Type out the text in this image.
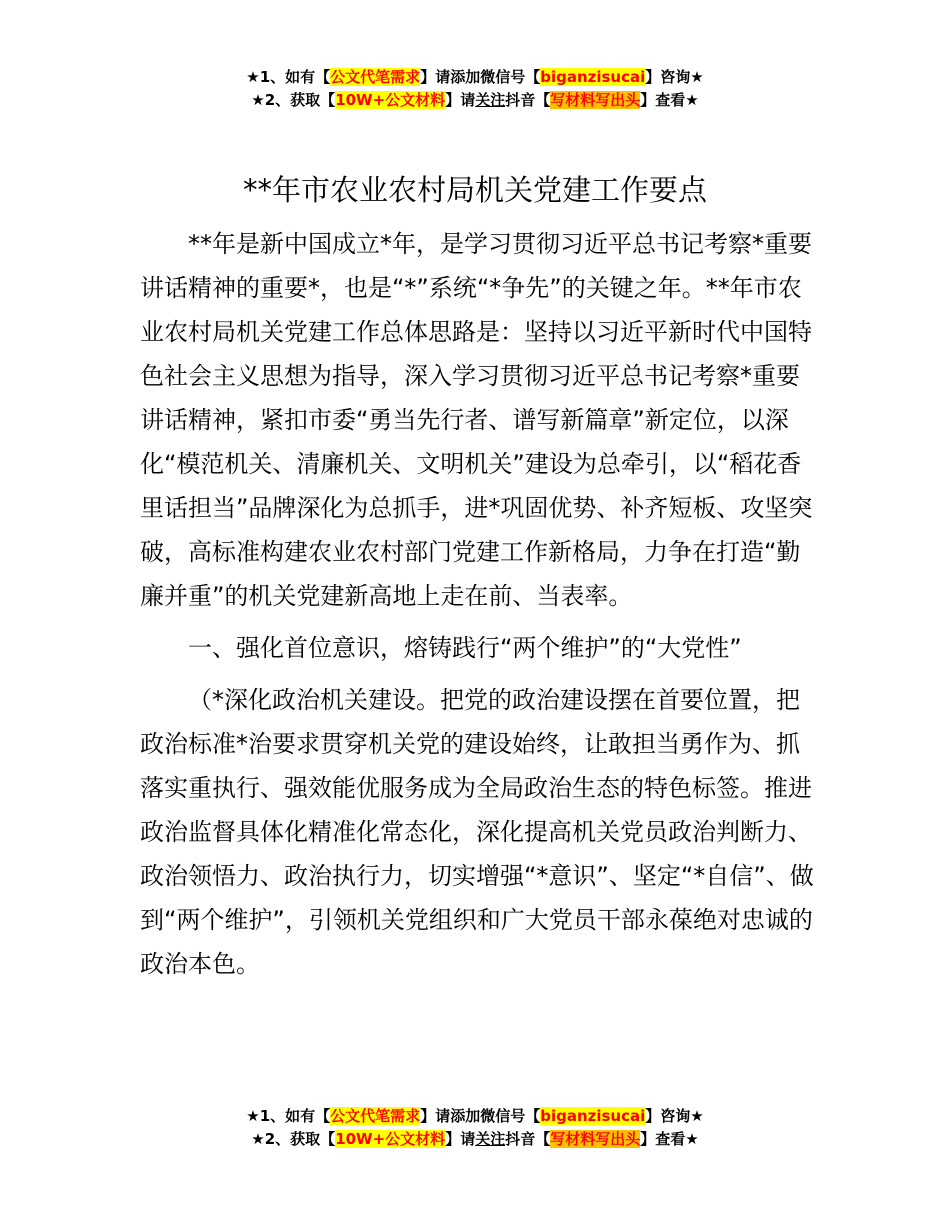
★1、如有【公文代笔需求】请添加微信号【biganzisucai】咨询★
★2、获取【10W+公文材料】请关注抖音【写材料写出头】查看★
**年市农业农村局机关党建工作要点

**年是新中国成立*年，是学习贯彻习近平总书记考察*重要讲话精神的重要*，也是“*”系统“*争先”的关键之年。**年市农业农村局机关党建工作总体思路是：坚持以习近平新时代中国特色社会主义思想为指导，深入学习贯彻习近平总书记考察*重要讲话精神，紧扣市委“勇当先行者、谱写新篇章”新定位，以深化“模范机关、清廉机关、文明机关”建设为总牵引，以“稻花香里话担当”品牌深化为总抓手，进*巩固优势、补齐短板、攻坚突破，高标准构建农业农村部门党建工作新格局，力争在打造“勤廉并重”的机关党建新高地上走在前、当表率。

一、强化首位意识，熔铸践行“两个维护”的“大党性”

（*深化政治机关建设。把党的政治建设摆在首要位置，把政治标准*治要求贯穿机关党的建设始终，让敢担当勇作为、抓落实重执行、强效能优服务成为全局政治生态的特色标签。推进政治监督具体化精准化常态化，深化提高机关党员政治判断力、政治领悟力、政治执行力，切实增强“*意识”、坚定“*自信”、做到“两个维护”，引领机关党组织和广大党员干部永葆绝对忠诚的政治本色。

★1、如有【公文代笔需求】请添加微信号【biganzisucai】咨询★
★2、获取【10W+公文材料】请关注抖音【写材料写出头】查看★
